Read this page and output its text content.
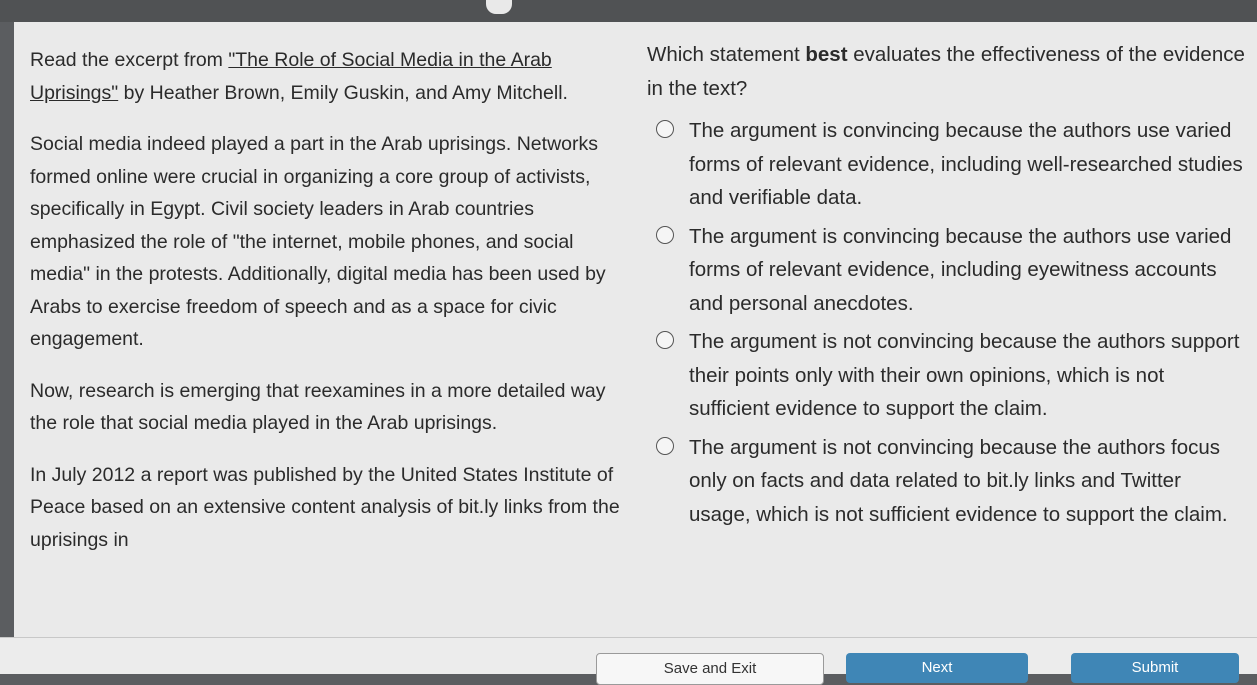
Read the excerpt from "The Role of Social Media in the Arab Uprisings" by Heather Brown, Emily Guskin, and Amy Mitchell.

Social media indeed played a part in the Arab uprisings. Networks formed online were crucial in organizing a core group of activists, specifically in Egypt. Civil society leaders in Arab countries emphasized the role of "the internet, mobile phones, and social media" in the protests. Additionally, digital media has been used by Arabs to exercise freedom of speech and as a space for civic engagement.

Now, research is emerging that reexamines in a more detailed way the role that social media played in the Arab uprisings.

In July 2012 a report was published by the United States Institute of Peace based on an extensive content analysis of bit.ly links from the uprisings in

Which statement best evaluates the effectiveness of the evidence in the text?

The argument is convincing because the authors use varied forms of relevant evidence, including well-researched studies and verifiable data.
The argument is convincing because the authors use varied forms of relevant evidence, including eyewitness accounts and personal anecdotes.
The argument is not convincing because the authors support their points only with their own opinions, which is not sufficient evidence to support the claim.
The argument is not convincing because the authors focus only on facts and data related to bit.ly links and Twitter usage, which is not sufficient evidence to support the claim.
Save and Exit	Next	Submit
